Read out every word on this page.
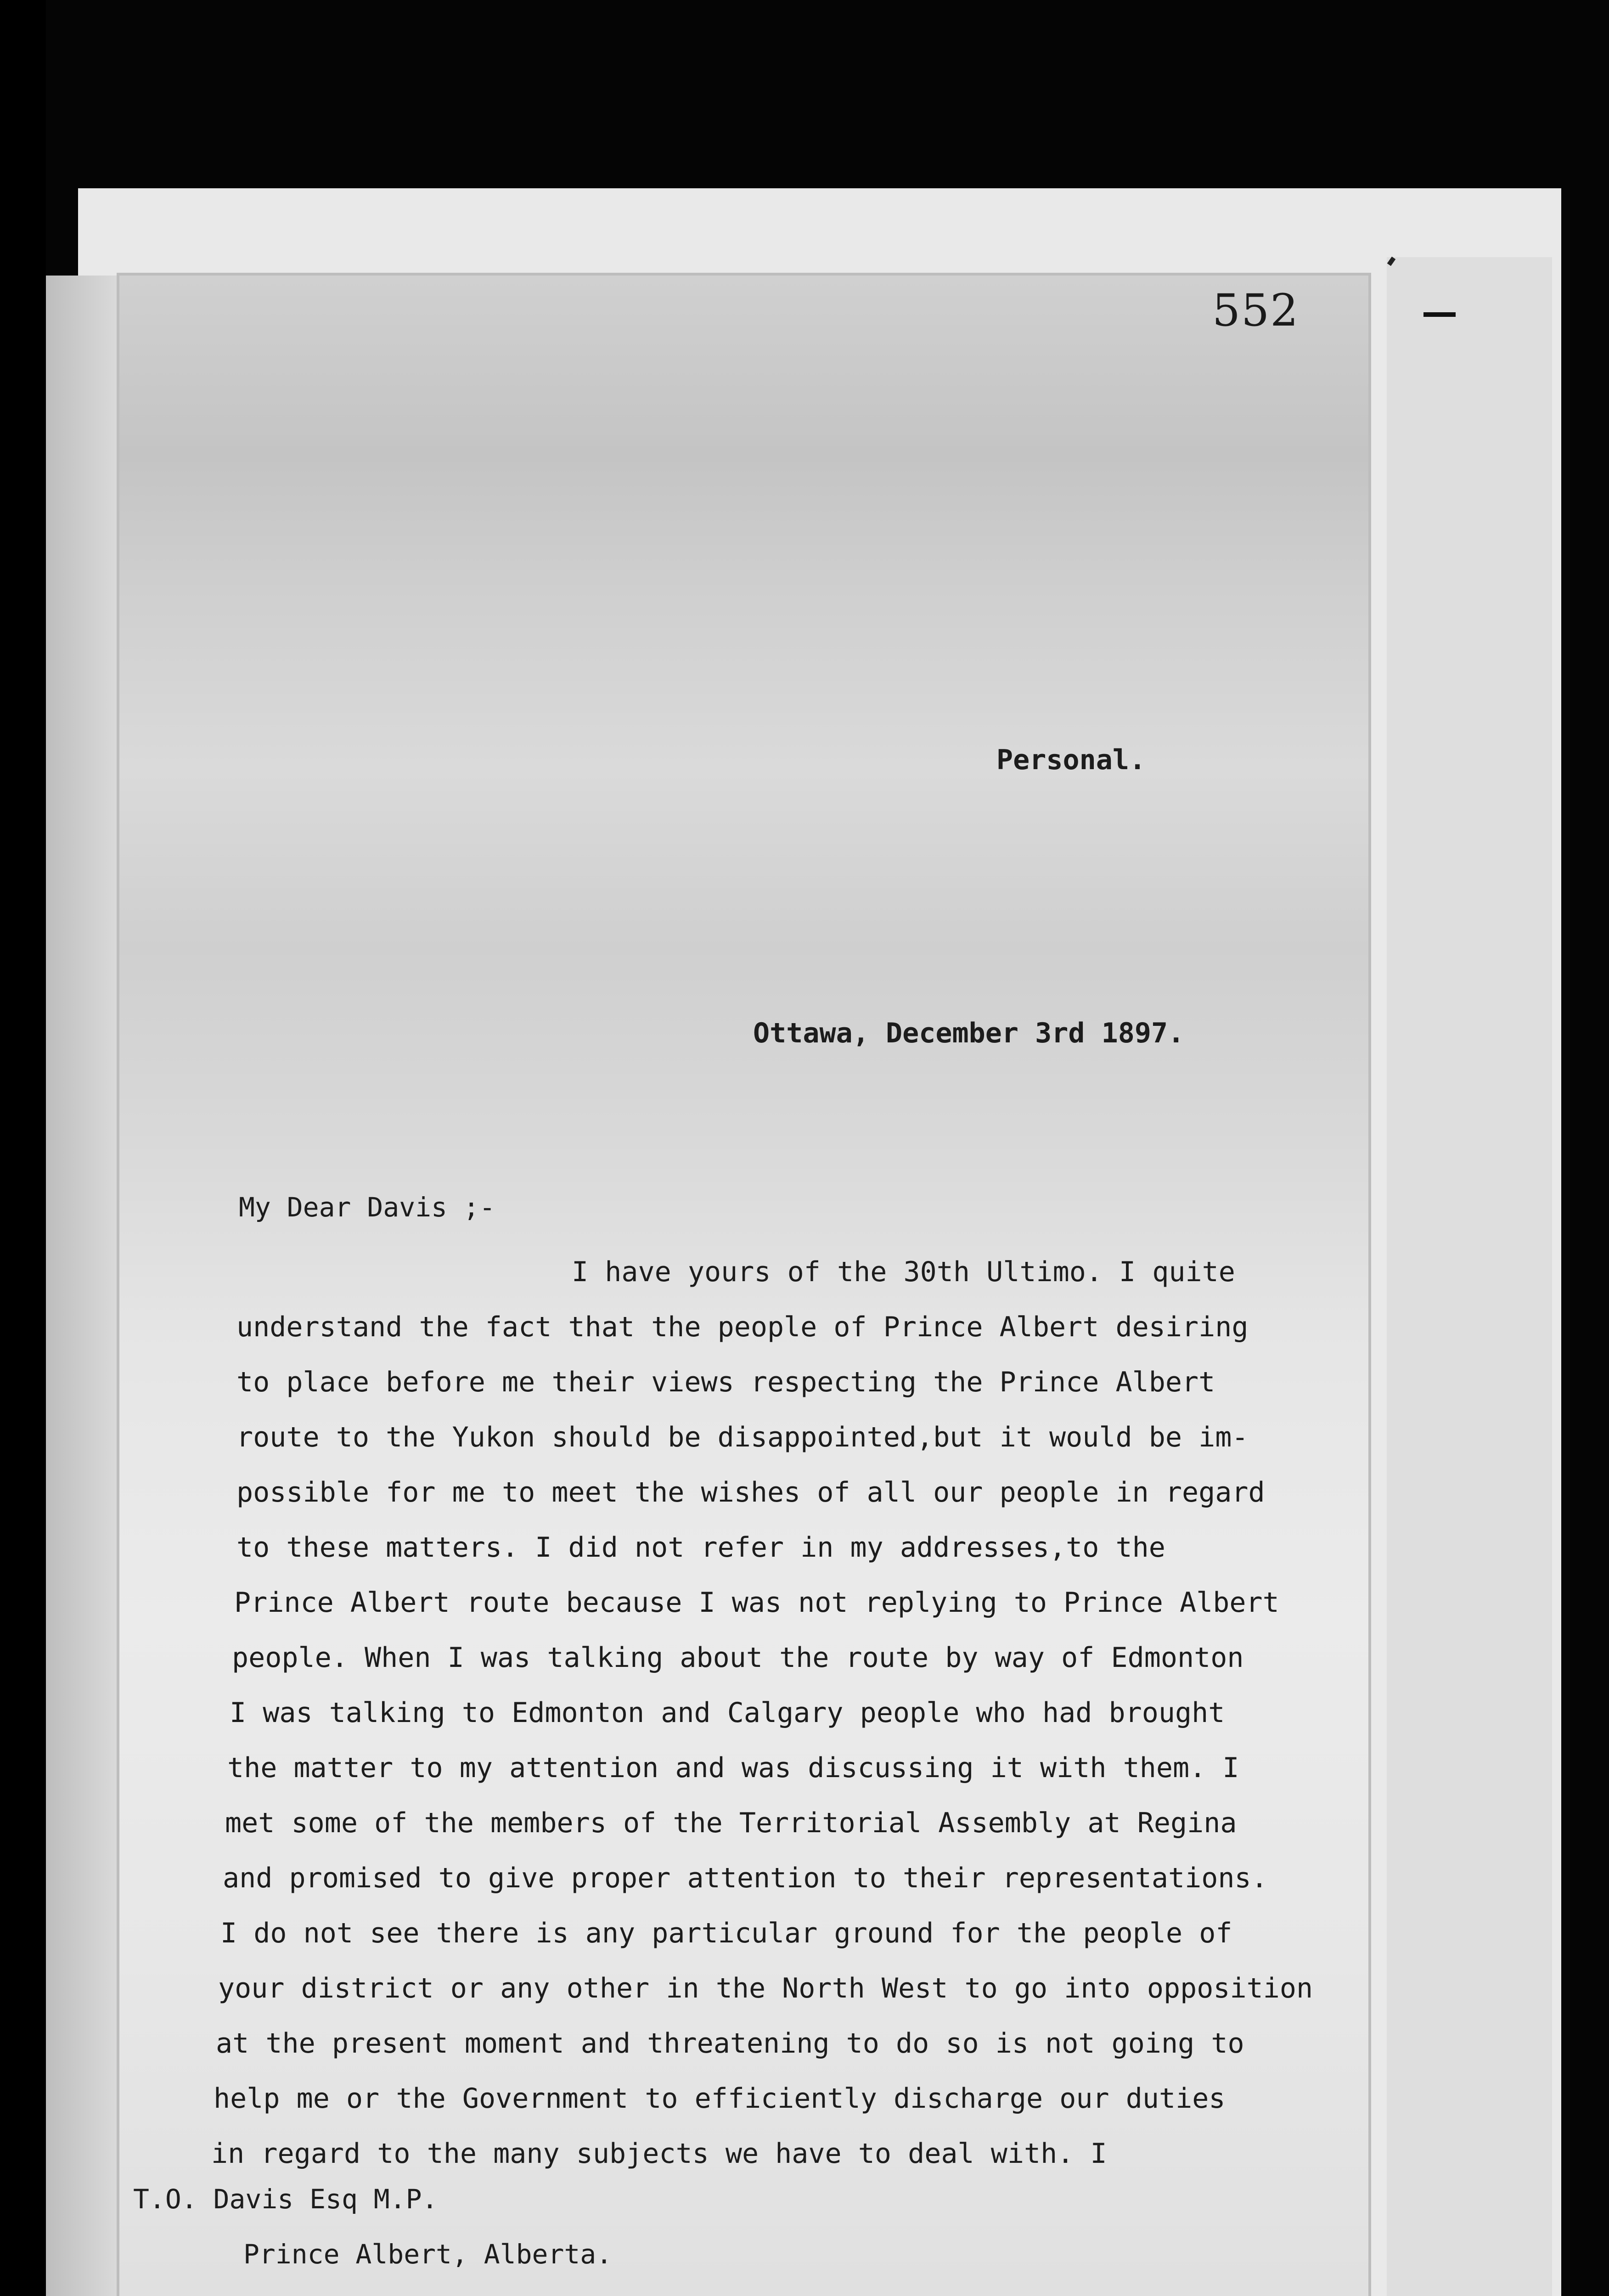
552
Personal.
Ottawa, December 3rd 1897.
My Dear Davis ;-
I have yours of the 30th Ultimo. I quite
understand the fact that the people of Prince Albert desiring
to place before me their views respecting the Prince Albert
route to the Yukon should be disappointed,but it would be im-
possible for me to meet the wishes of all our people in regard
to these matters. I did not refer in my addresses,to the
Prince Albert route because I was not replying to Prince Albert
people. When I was talking about the route by way of Edmonton
I was talking to Edmonton and Calgary people who had brought
the matter to my attention and was discussing it with them. I
met some of the members of the Territorial Assembly at Regina
and promised to give proper attention to their representations.
I do not see there is any particular ground for the people of
your district or any other in the North West to go into opposition
at the present moment and threatening to do so is not going to
help me or the Government to efficiently discharge our duties
in regard to the many subjects we have to deal with. I
T.O. Davis Esq M.P.
Prince Albert, Alberta.
